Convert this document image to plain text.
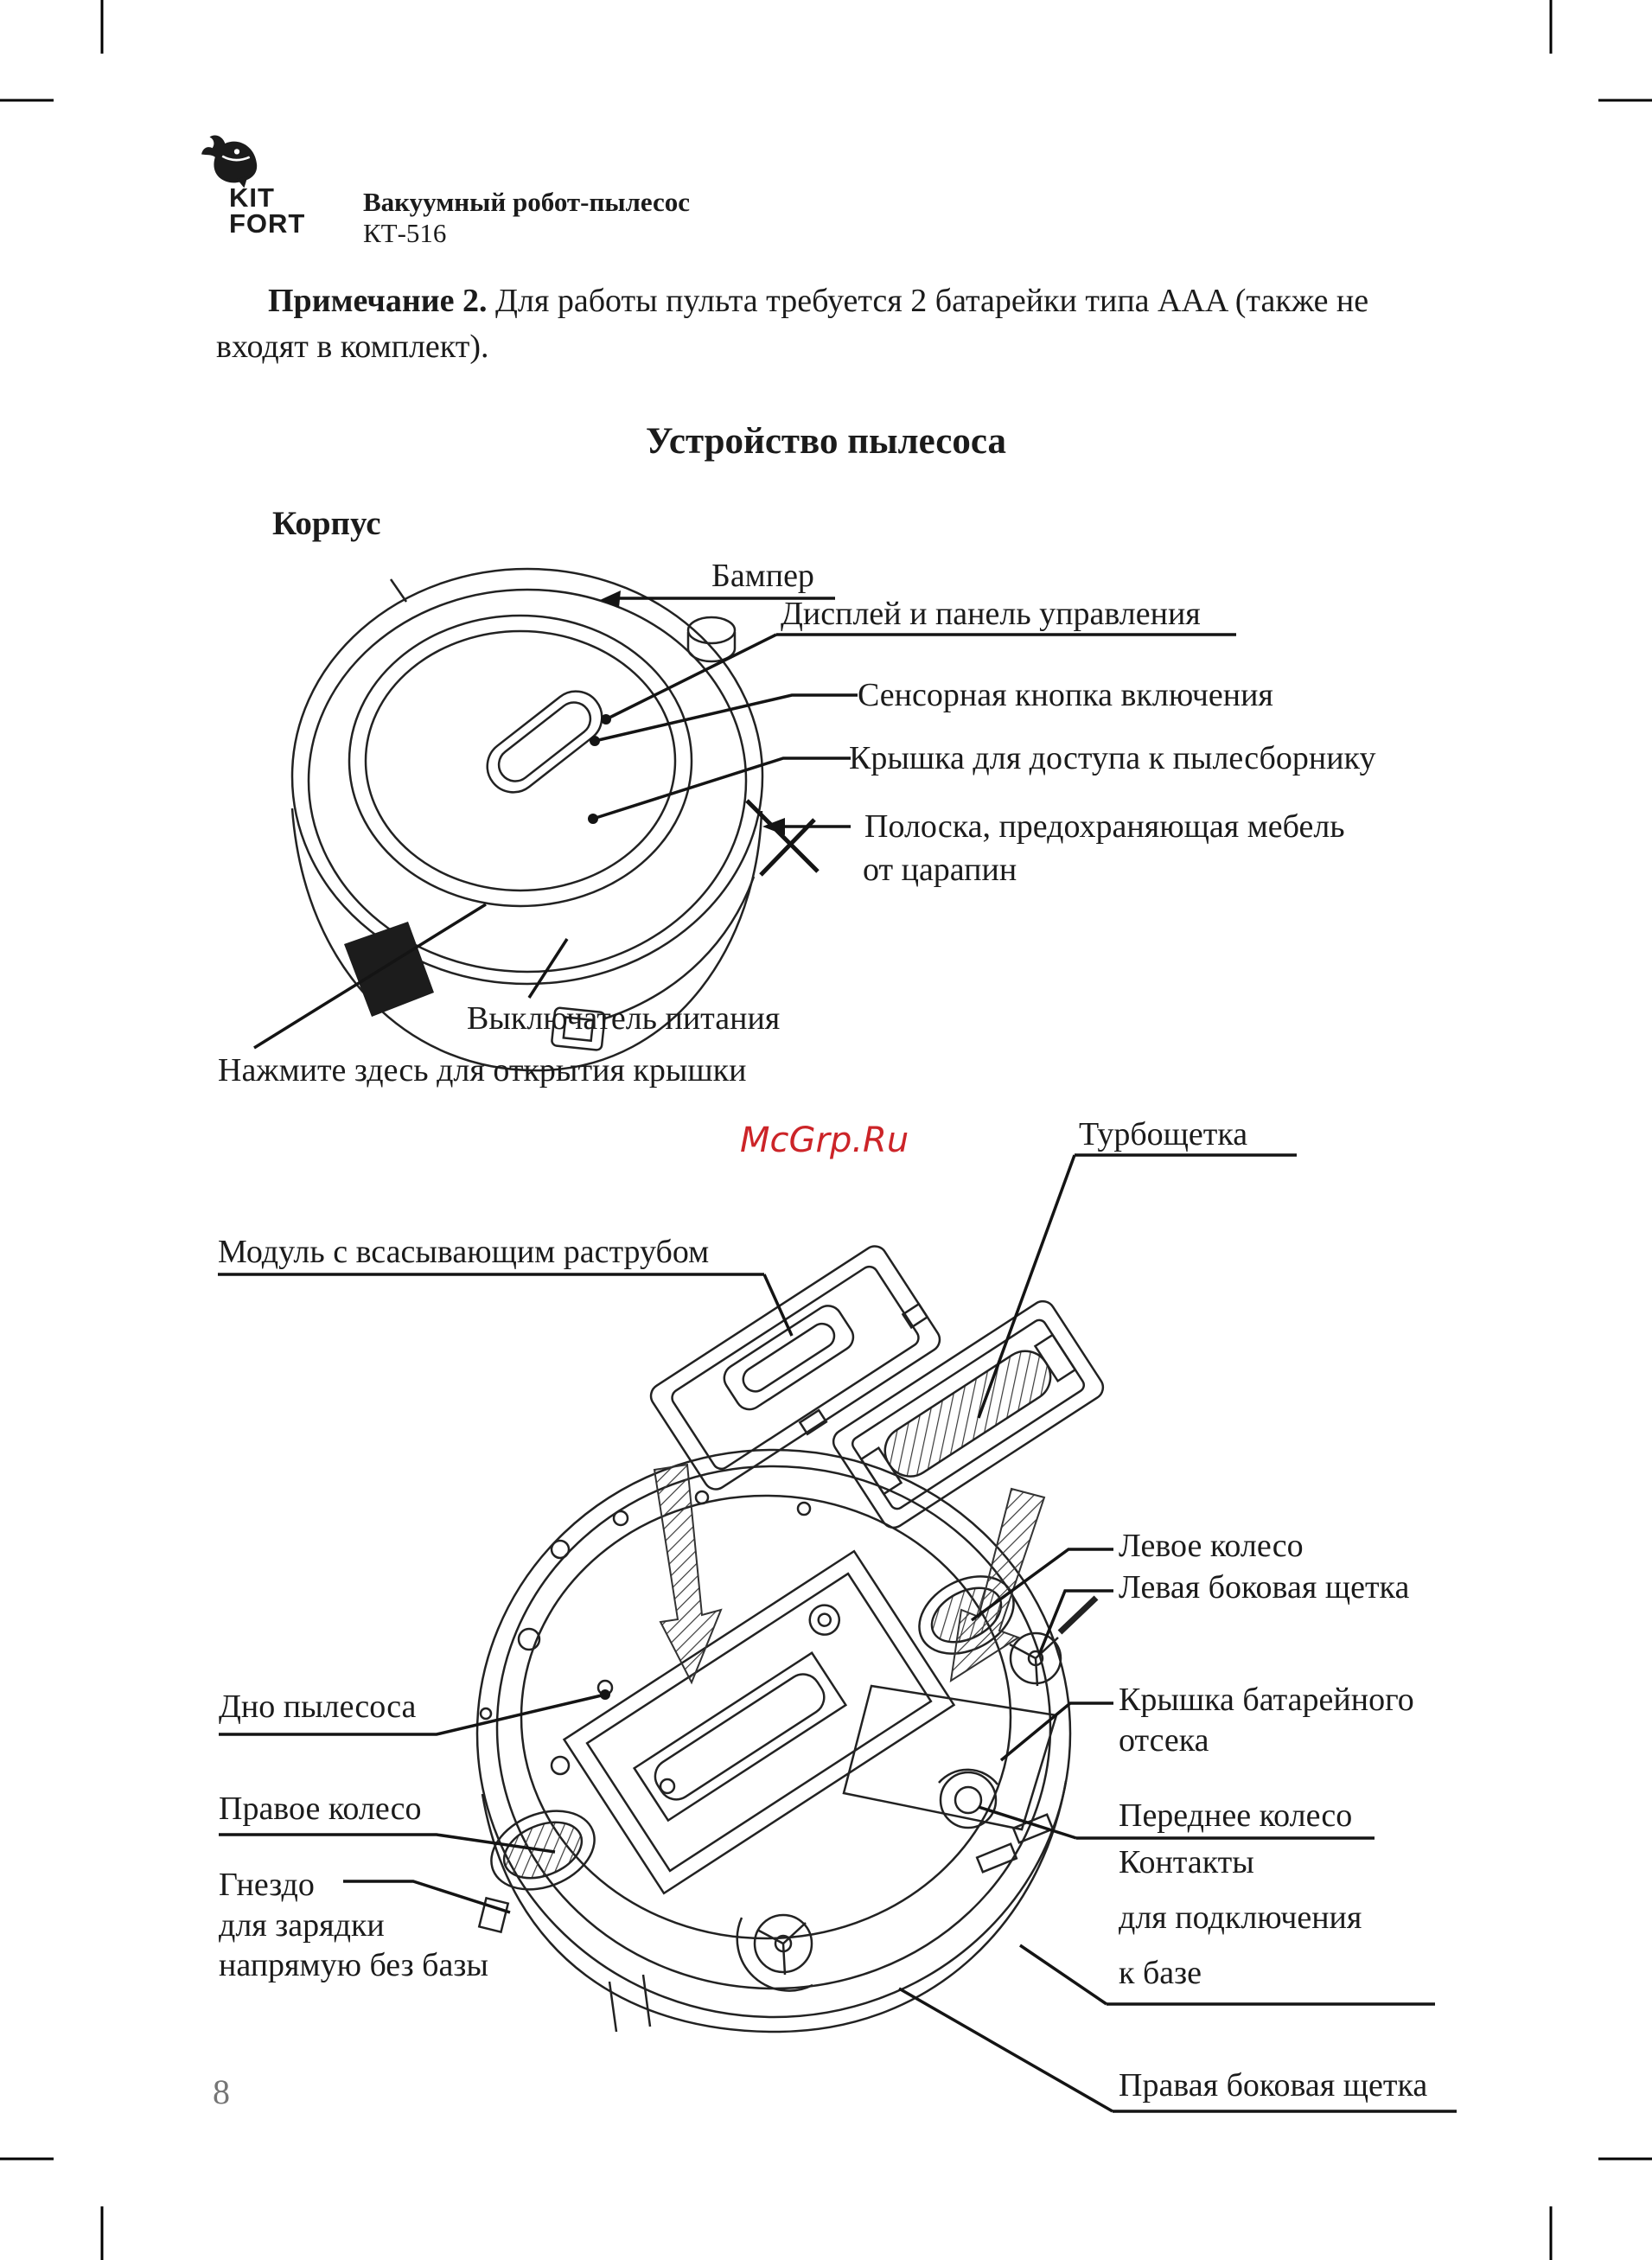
KIT
FORT
Вакуумный робот-пылесос
КТ-516
Примечание 2. Для работы пульта требуется 2 батарейки типа AAA (также не
входят в комплект).
Устройство пылесоса
Корпус
Бампер
Дисплей и панель управления
Сенсорная кнопка включения
Крышка для доступа к пылесборнику
Полоска, предохраняющая мебель
от царапин
Выключатель питания
Нажмите здесь для открытия крышки
McGrp.Ru	Турбощетка
Модуль с всасывающим раструбом
Дно пылесоса
Правое колесо
Гнездо
для зарядки
напрямую без базы
Левое колесо
Левая боковая щетка
Крышка батарейного
отсека
Переднее колесо
Контакты
для подключения
к базе
Правая боковая щетка
8
